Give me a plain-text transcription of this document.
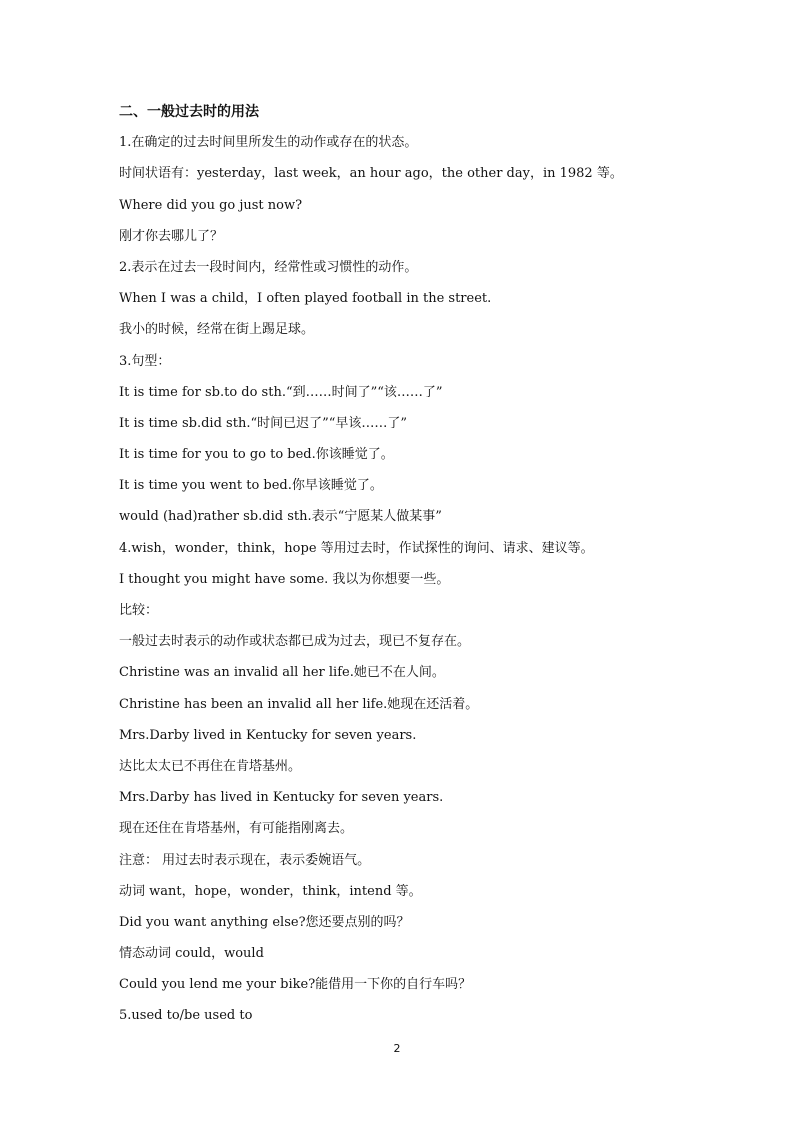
二、一般过去时的用法
1.在确定的过去时间里所发生的动作或存在的状态。
时间状语有：yesterday，last week，an hour ago，the other day，in 1982 等。
Where did you go just now?
刚才你去哪儿了？
2.表示在过去一段时间内，经常性或习惯性的动作。
When I was a child，I often played football in the street.
我小的时候，经常在街上踢足球。
3.句型：
It is time for sb.to do sth.“到……时间了”“该……了”
It is time sb.did sth.“时间已迟了”“早该……了”
It is time for you to go to bed.你该睡觉了。
It is time you went to bed.你早该睡觉了。
would (had)rather sb.did sth.表示“宁愿某人做某事”
4.wish，wonder，think，hope 等用过去时，作试探性的询问、请求、建议等。
I thought you might have some. 我以为你想要一些。
比较：
一般过去时表示的动作或状态都已成为过去，现已不复存在。
Christine was an invalid all her life.她已不在人间。
Christine has been an invalid all her life.她现在还活着。
Mrs.Darby lived in Kentucky for seven years.
达比太太已不再住在肯塔基州。
Mrs.Darby has lived in Kentucky for seven years.
现在还住在肯塔基州，有可能指刚离去。
注意： 用过去时表示现在，表示委婉语气。
动词 want，hope，wonder，think，intend 等。
Did you want anything else?您还要点别的吗？
情态动词 could，would
Could you lend me your bike?能借用一下你的自行车吗？
5.used to/be used to
2
